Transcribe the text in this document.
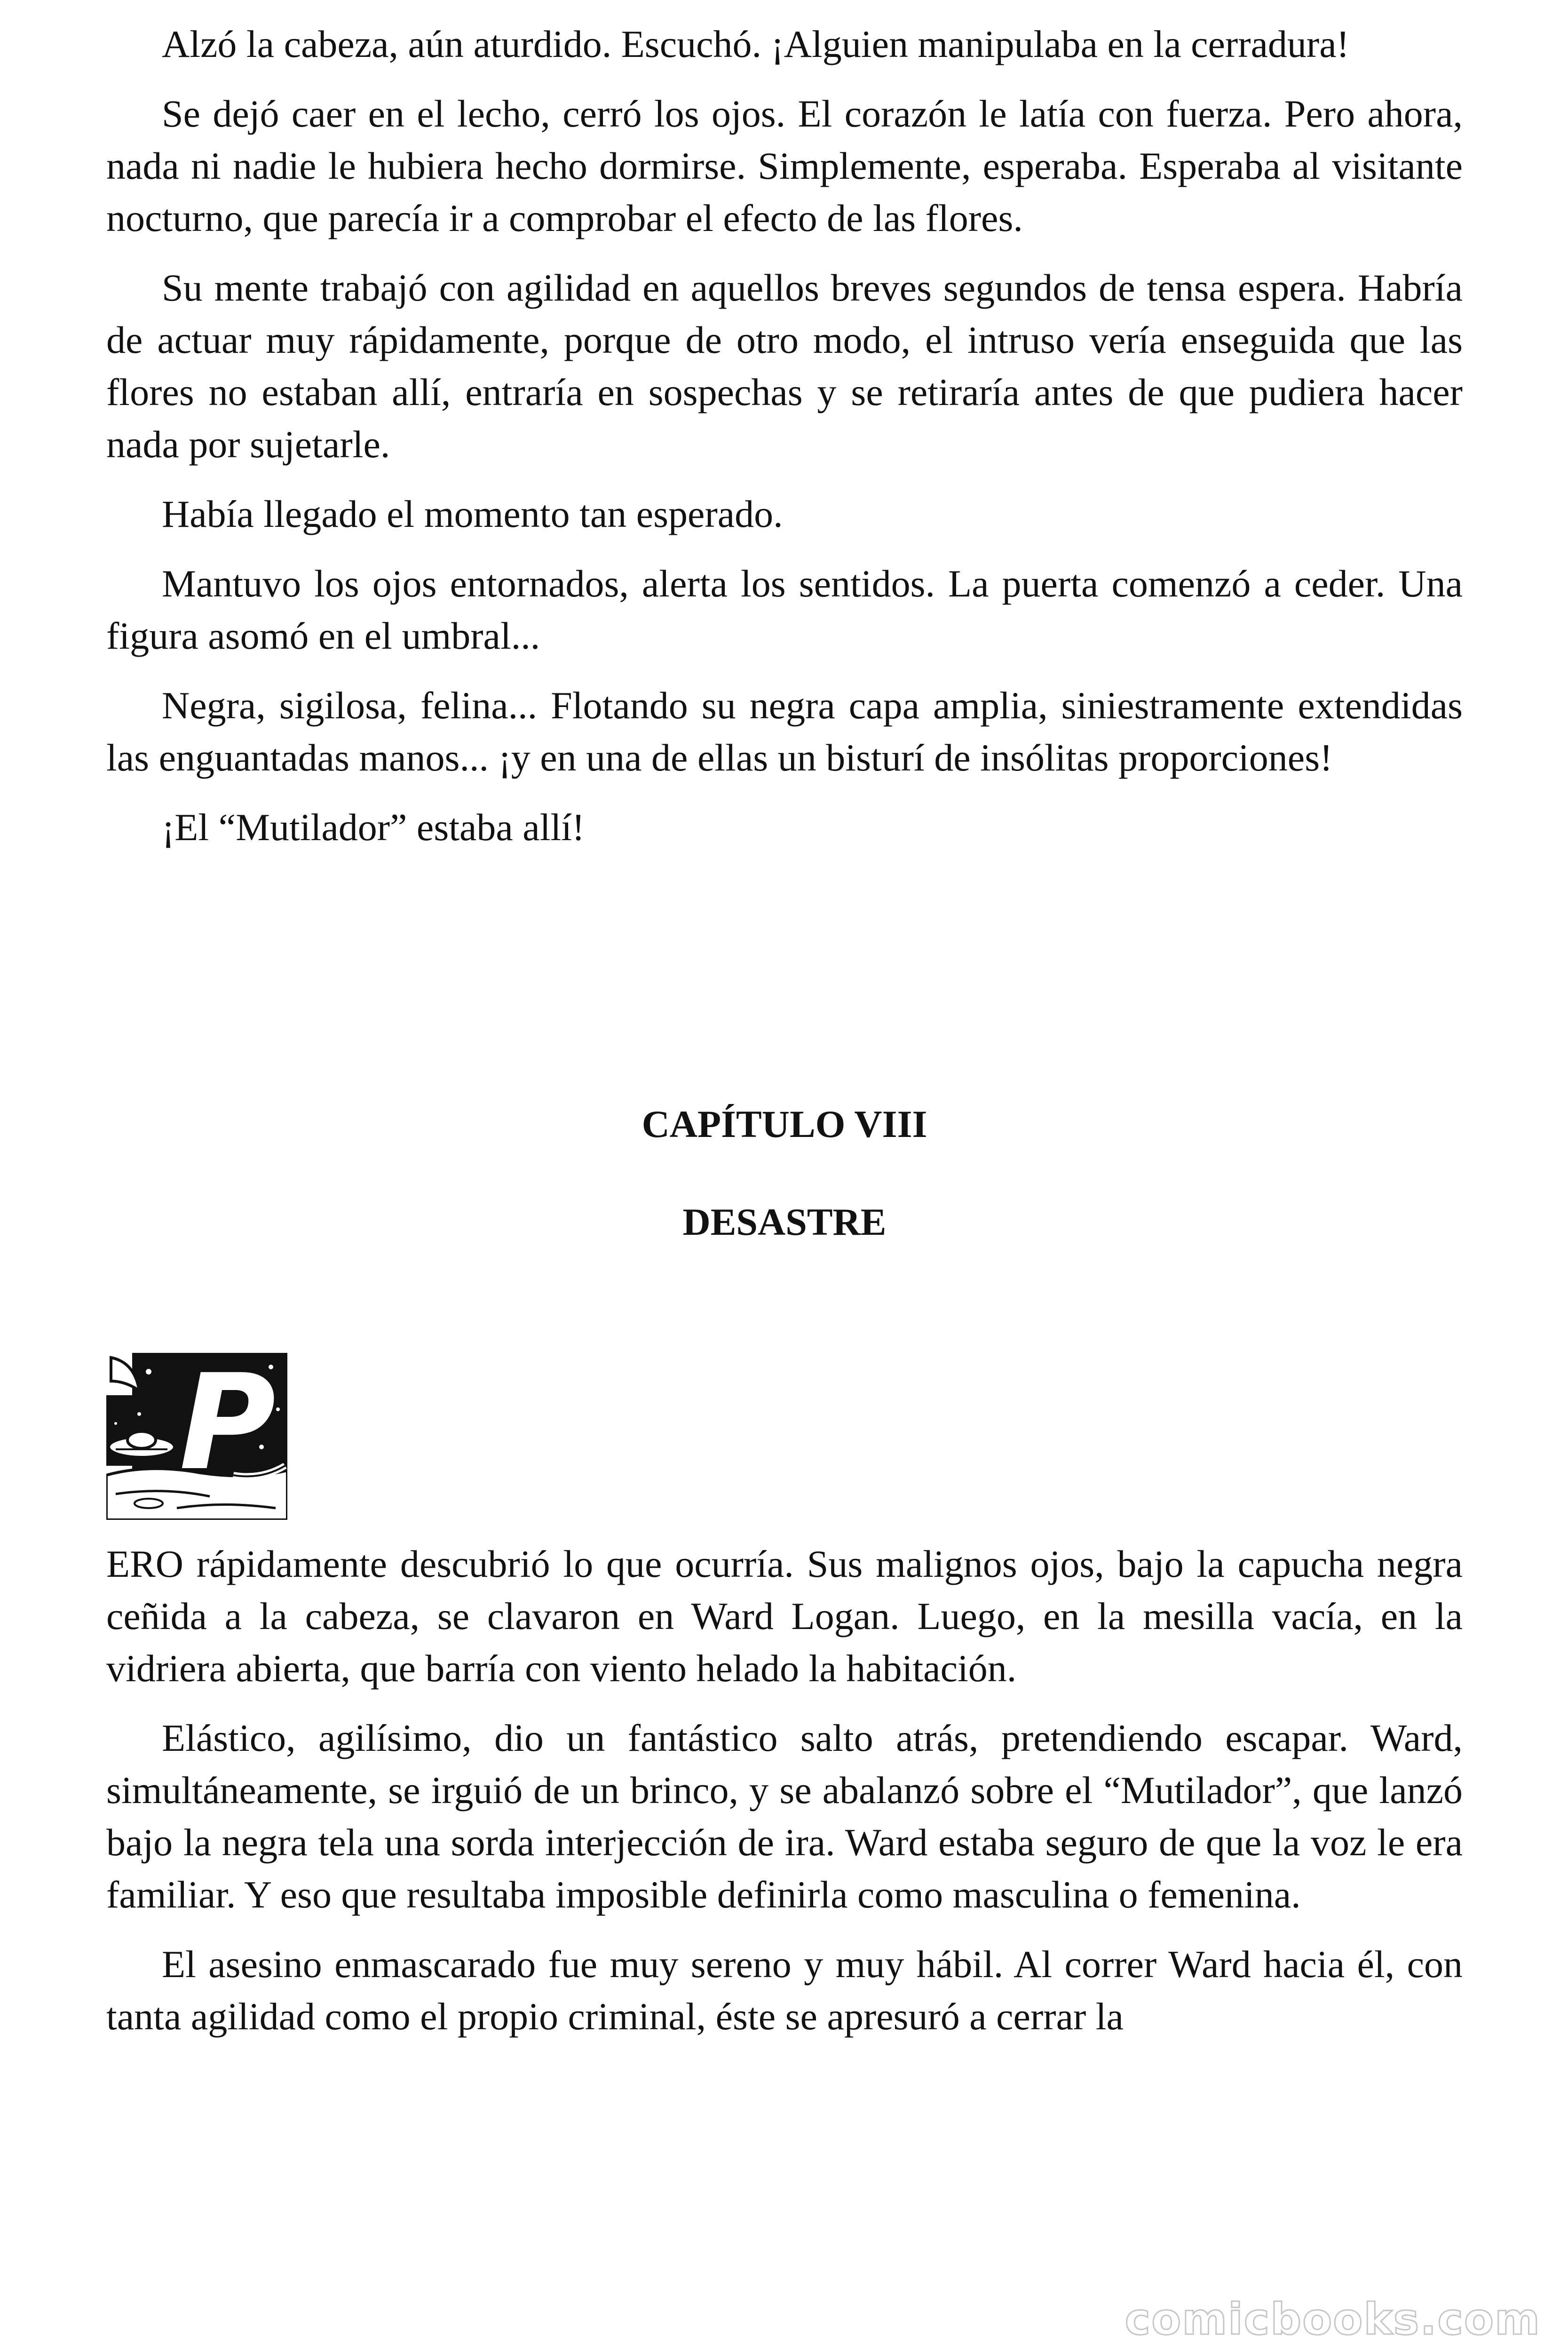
Alzó la cabeza, aún aturdido. Escuchó. ¡Alguien manipulaba en la cerradura!

Se dejó caer en el lecho, cerró los ojos. El corazón le latía con fuerza. Pero ahora, nada ni nadie le hubiera hecho dormirse. Simplemente, esperaba. Esperaba al visitante nocturno, que parecía ir a comprobar el efecto de las flores.

Su mente trabajó con agilidad en aquellos breves segundos de tensa espera. Habría de actuar muy rápidamente, porque de otro modo, el intruso vería enseguida que las flores no estaban allí, entraría en sospechas y se retiraría antes de que pudiera hacer nada por sujetarle.

Había llegado el momento tan esperado.

Mantuvo los ojos entornados, alerta los sentidos. La puerta comenzó a ceder. Una figura asomó en el umbral...

Negra, sigilosa, felina... Flotando su negra capa amplia, siniestramente extendidas las enguantadas manos... ¡y en una de ellas un bisturí de insólitas proporciones!

¡El “Mutilador” estaba allí!

CAPÍTULO VIII
DESASTRE
P

ERO rápidamente descubrió lo que ocurría. Sus malignos ojos, bajo la capucha negra ceñida a la cabeza, se clavaron en Ward Logan. Luego, en la mesilla vacía, en la vidriera abierta, que barría con viento helado la habitación.

Elástico, agilísimo, dio un fantástico salto atrás, pretendiendo escapar. Ward, simultáneamente, se irguió de un brinco, y se abalanzó sobre el “Mutilador”, que lanzó bajo la negra tela una sorda interjección de ira. Ward estaba seguro de que la voz le era familiar. Y eso que resultaba imposible definirla como masculina o femenina.

El asesino enmascarado fue muy sereno y muy hábil. Al correr Ward hacia él, con tanta agilidad como el propio criminal, éste se apresuró a cerrar la

comicbooks.com
